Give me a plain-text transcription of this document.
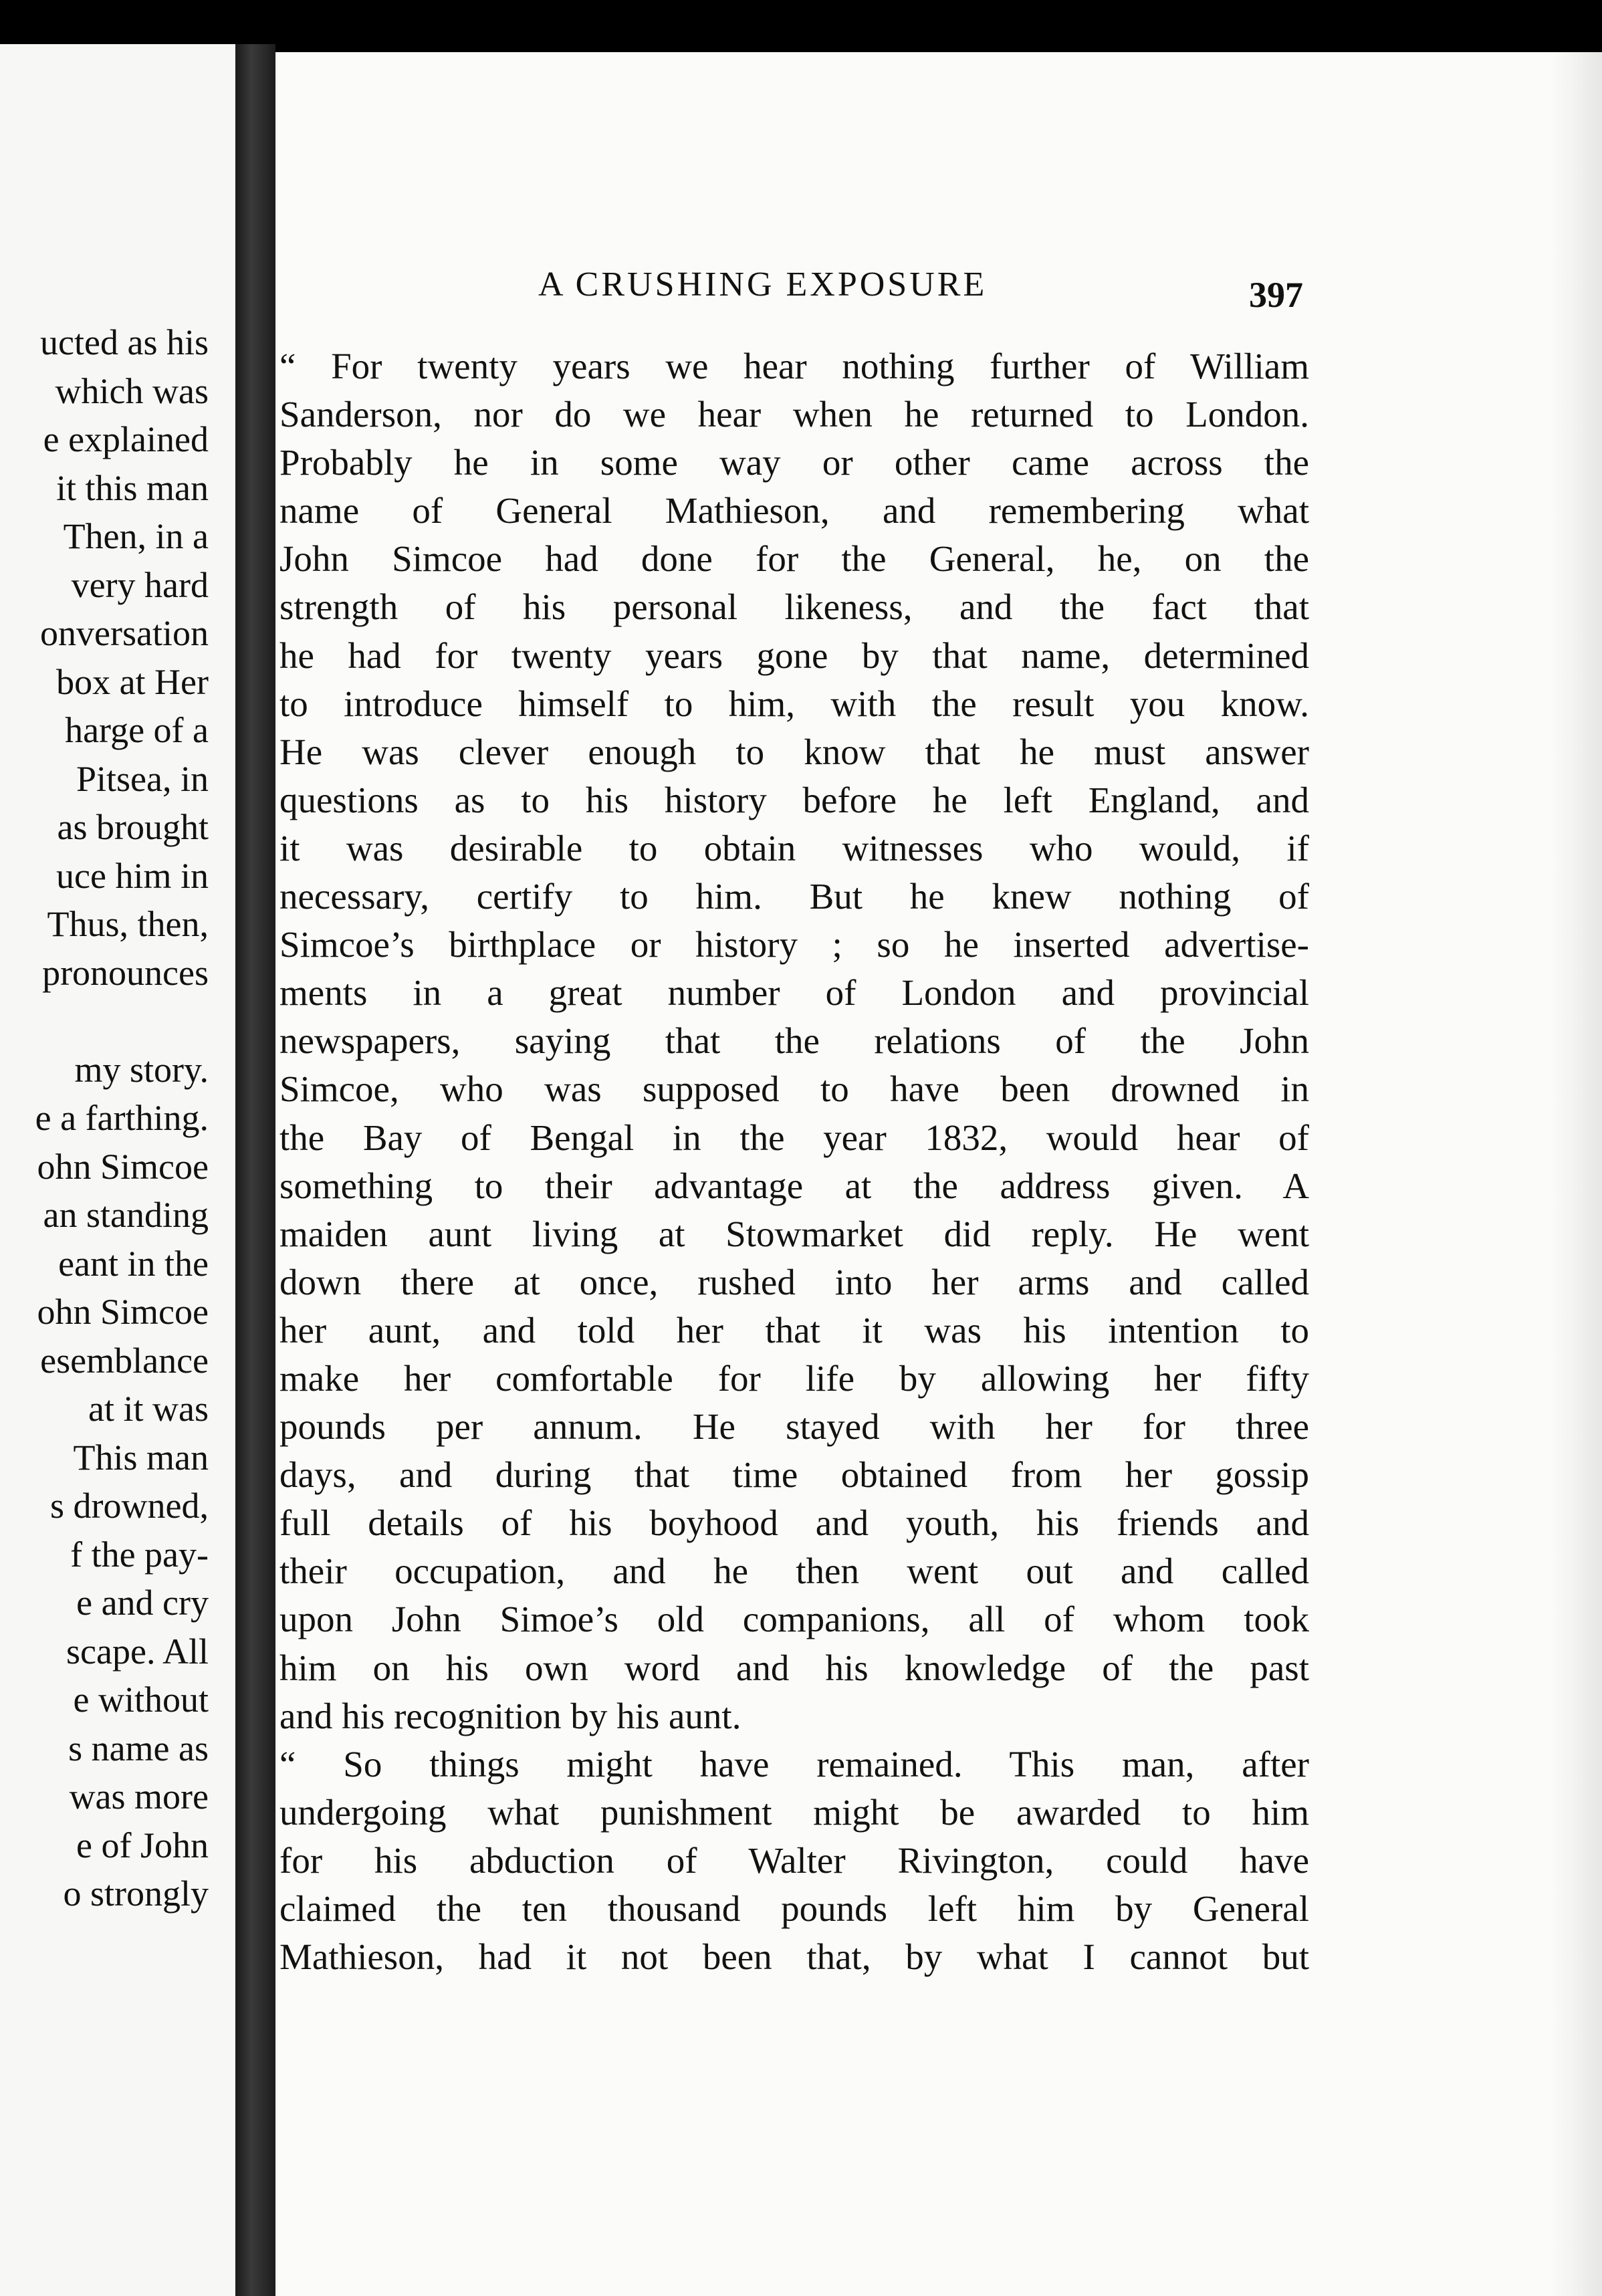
ucted as his
which was
e explained
it this man
Then, in a
very hard
onversation
box at Her
harge of a
Pitsea, in
as brought
uce him in
Thus, then,
pronounces
my story.
e a farthing.
ohn Simcoe
an standing
eant in the
ohn Simcoe
esemblance
at it was
This man
s drowned,
f the pay-
e and cry
scape. All
e without
s name as
was more
e of John
o strongly
A CRUSHING EXPOSURE	397
“ For twenty years we hear nothing further of William
Sanderson, nor do we hear when he returned to London.
Probably he in some way or other came across the
name of General Mathieson, and remembering what
John Simcoe had done for the General, he, on the
strength of his personal likeness, and the fact that
he had for twenty years gone by that name, determined
to introduce himself to him, with the result you know.
He was clever enough to know that he must answer
questions as to his history before he left England, and
it was desirable to obtain witnesses who would, if
necessary, certify to him. But he knew nothing of
Simcoe’s birthplace or history ; so he inserted advertise-
ments in a great number of London and provincial
newspapers, saying that the relations of the John
Simcoe, who was supposed to have been drowned in
the Bay of Bengal in the year 1832, would hear of
something to their advantage at the address given. A
maiden aunt living at Stowmarket did reply. He went
down there at once, rushed into her arms and called
her aunt, and told her that it was his intention to
make her comfortable for life by allowing her fifty
pounds per annum. He stayed with her for three
days, and during that time obtained from her gossip
full details of his boyhood and youth, his friends and
their occupation, and he then went out and called
upon John Simoe’s old companions, all of whom took
him on his own word and his knowledge of the past
and his recognition by his aunt.
“ So things might have remained. This man, after
undergoing what punishment might be awarded to him
for his abduction of Walter Rivington, could have
claimed the ten thousand pounds left him by General
Mathieson, had it not been that, by what I cannot but
